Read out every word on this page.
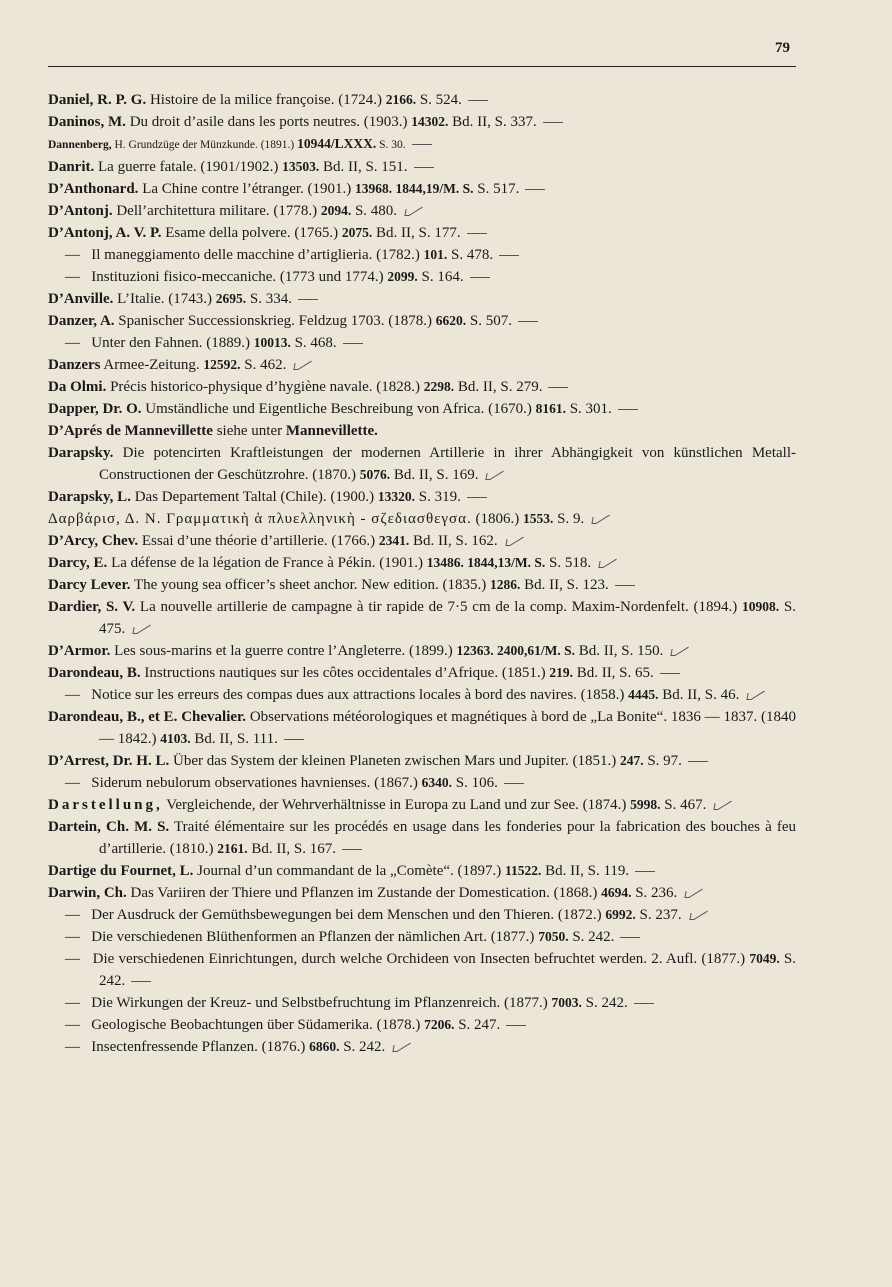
79

Daniel, R. P. G. Histoire de la milice françoise. (1724.) 2166. S. 524.

Daninos, M. Du droit d’asile dans les ports neutres. (1903.) 14302. Bd. II, S. 337.

Dannenberg, H. Grundzüge der Münzkunde. (1891.) 10944/LXXX. S. 30.

Danrit. La guerre fatale. (1901/1902.) 13503. Bd. II, S. 151.

D’Anthonard. La Chine contre l’étranger. (1901.) 13968. 1844,19/M. S. S. 517.

D’Antonj. Dell’architettura militare. (1778.) 2094. S. 480.

D’Antonj, A. V. P. Esame della polvere. (1765.) 2075. Bd. II, S. 177.

—   Il maneggiamento delle macchine d’artiglieria. (1782.) 101. S. 478.

—   Instituzioni fisico-meccaniche. (1773 und 1774.) 2099. S. 164.

D’Anville. L’Italie. (1743.) 2695. S. 334.

Danzer, A. Spanischer Successionskrieg. Feldzug 1703. (1878.) 6620. S. 507.

—   Unter den Fahnen. (1889.) 10013. S. 468.

Danzers Armee-Zeitung. 12592. S. 462.

Da Olmi. Précis historico-physique d’hygiène navale. (1828.) 2298. Bd. II, S. 279.

Dapper, Dr. O. Umständliche und Eigentliche Beschreibung von Africa. (1670.) 8161. S. 301.

D’Aprés de Mannevillette siehe unter Mannevillette.

Darapsky. Die potencirten Kraftleistungen der modernen Artillerie in ihrer Abhängigkeit von künstlichen Metall-Constructionen der Geschützrohre. (1870.) 5076. Bd. II, S. 169.

Darapsky, L. Das Departement Taltal (Chile). (1900.) 13320. S. 319.

Δαρβάρισ, Δ. Ν. Γραμματικὴ ἁ πλυελληνικὴ - σζεδιασθεγσα. (1806.) 1553. S. 9.

D’Arcy, Chev. Essai d’une théorie d’artillerie. (1766.) 2341. Bd. II, S. 162.

Darcy, E. La défense de la légation de France à Pékin. (1901.) 13486. 1844,13/M. S. S. 518.

Darcy Lever. The young sea officer’s sheet anchor. New edition. (1835.) 1286. Bd. II, S. 123.

Dardier, S. V. La nouvelle artillerie de campagne à tir rapide de 7·5 cm de la comp. Maxim-Nordenfelt. (1894.) 10908. S. 475.

D’Armor. Les sous-marins et la guerre contre l’Angleterre. (1899.) 12363. 2400,61/M. S. Bd. II, S. 150.

Darondeau, B. Instructions nautiques sur les côtes occidentales d’Afrique. (1851.) 219. Bd. II, S. 65.

—   Notice sur les erreurs des compas dues aux attractions locales à bord des navires. (1858.) 4445. Bd. II, S. 46.

Darondeau, B., et E. Chevalier. Observations météorologiques et magnétiques à bord de „La Bonite“. 1836 — 1837. (1840 — 1842.) 4103. Bd. II, S. 111.

D’Arrest, Dr. H. L. Über das System der kleinen Planeten zwischen Mars und Jupiter. (1851.) 247. S. 97.

—   Siderum nebulorum observationes havnienses. (1867.) 6340. S. 106.

Darstellung, Vergleichende, der Wehrverhältnisse in Europa zu Land und zur See. (1874.) 5998. S. 467.

Dartein, Ch. M. S. Traité élémentaire sur les procédés en usage dans les fonderies pour la fabrication des bouches à feu d’artillerie. (1810.) 2161. Bd. II, S. 167.

Dartige du Fournet, L. Journal d’un commandant de la „Comète“. (1897.) 11522. Bd. II, S. 119.

Darwin, Ch. Das Variiren der Thiere und Pflanzen im Zustande der Domestication. (1868.) 4694. S. 236.

—   Der Ausdruck der Gemüthsbewegungen bei dem Menschen und den Thieren. (1872.) 6992. S. 237.

—   Die verschiedenen Blüthenformen an Pflanzen der nämlichen Art. (1877.) 7050. S. 242.

—   Die verschiedenen Einrichtungen, durch welche Orchideen von Insecten befruchtet werden. 2. Aufl. (1877.) 7049. S. 242.

—   Die Wirkungen der Kreuz- und Selbstbefruchtung im Pflanzenreich. (1877.) 7003. S. 242.

—   Geologische Beobachtungen über Südamerika. (1878.) 7206. S. 247.

—   Insectenfressende Pflanzen. (1876.) 6860. S. 242.
